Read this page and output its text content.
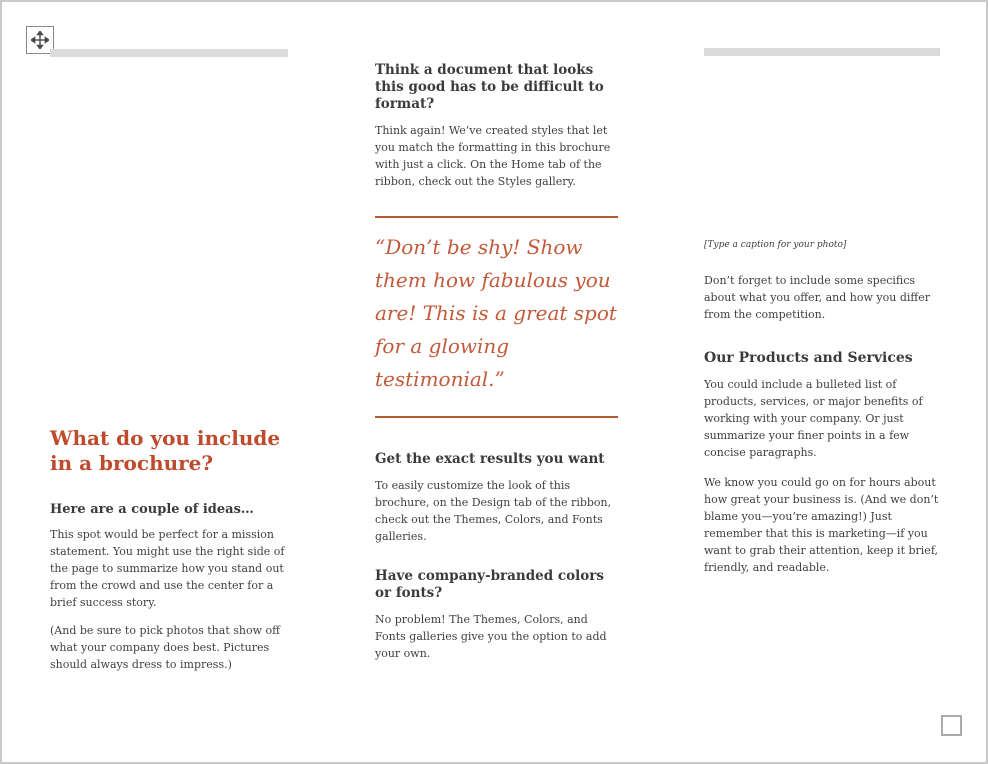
What do you include in a brochure?
Here are a couple of ideas…

This spot would be perfect for a mission statement. You might use the right side of the page to summarize how you stand out from the crowd and use the center for a brief success story.

(And be sure to pick photos that show off what your company does best. Pictures should always dress to impress.)

Think a document that looks this good has to be difficult to format?

Think again! We’ve created styles that let you match the formatting in this brochure with just a click. On the Home tab of the ribbon, check out the Styles gallery.

“Don’t be shy! Show them how fabulous you are! This is a great spot for a glowing testimonial.”
Get the exact results you want

To easily customize the look of this brochure, on the Design tab of the ribbon, check out the Themes, Colors, and Fonts galleries.

Have company-branded colors or fonts?

No problem! The Themes, Colors, and Fonts galleries give you the option to add your own.

[Type a caption for your photo]

Don’t forget to include some specifics about what you offer, and how you differ from the competition.

Our Products and Services

You could include a bulleted list of products, services, or major benefits of working with your company. Or just summarize your finer points in a few concise paragraphs.

We know you could go on for hours about how great your business is. (And we don’t blame you—you’re amazing!) Just remember that this is marketing—if you want to grab their attention, keep it brief, friendly, and readable.
